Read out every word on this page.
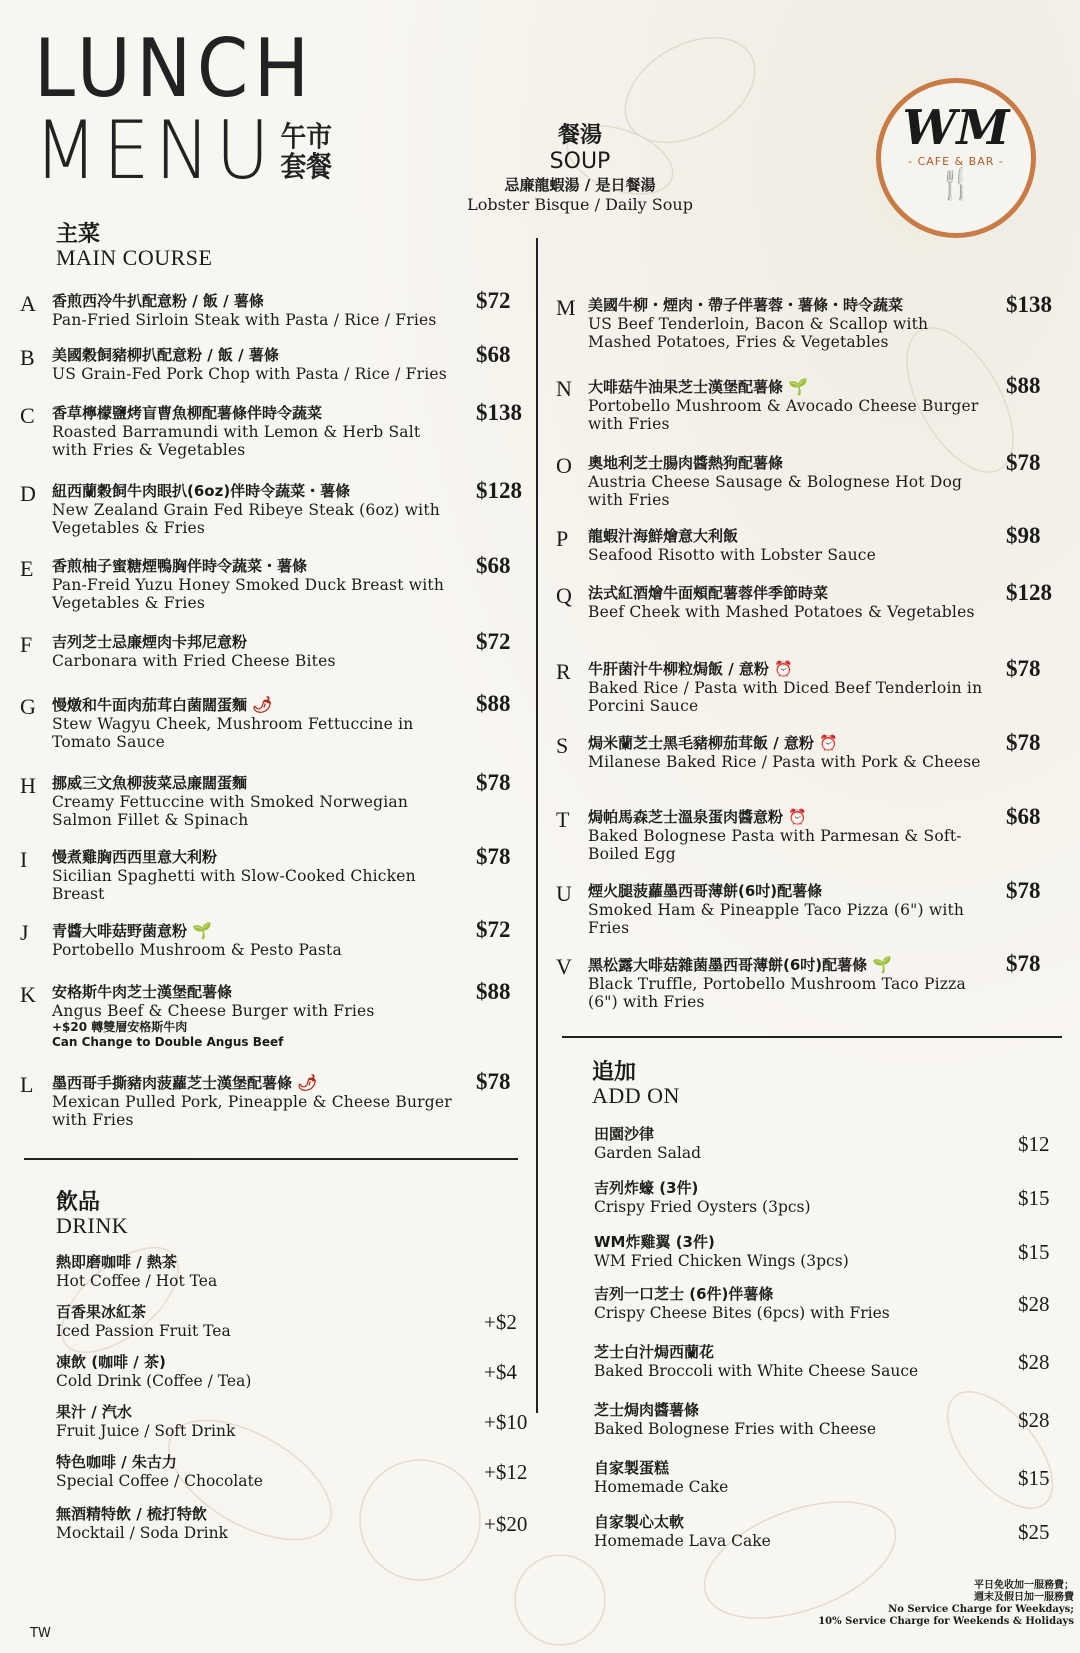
LUNCH
MENU 午市
套餐
餐湯
SOUP
忌廉龍蝦湯 / 是日餐湯
Lobster Bisque / Daily Soup
WM
- CAFE & BAR -
🍴
主菜
MAIN COURSE
A	香煎西冷牛扒配意粉 / 飯 / 薯條
Pan-Fried Sirloin Steak with Pasta / Rice / Fries
$72
B	美國穀飼豬柳扒配意粉 / 飯 / 薯條
US Grain-Fed Pork Chop with Pasta / Rice / Fries
$68
C	香草檸檬鹽烤盲曹魚柳配薯條伴時令蔬菜
Roasted Barramundi with Lemon & Herb Salt with Fries & Vegetables
$138
D	紐西蘭穀飼牛肉眼扒(6oz)伴時令蔬菜・薯條
New Zealand Grain Fed Ribeye Steak (6oz) with Vegetables & Fries
$128
E	香煎柚子蜜糖煙鴨胸伴時令蔬菜・薯條
Pan-Freid Yuzu Honey Smoked Duck Breast with Vegetables & Fries
$68
F	吉列芝士忌廉煙肉卡邦尼意粉
Carbonara with Fried Cheese Bites
$72
G	慢燉和牛面肉茄茸白菌闊蛋麵 🌶
Stew Wagyu Cheek, Mushroom Fettuccine in Tomato Sauce
$88
H	挪威三文魚柳菠菜忌廉闊蛋麵
Creamy Fettuccine with Smoked Norwegian Salmon Fillet & Spinach
$78
I	慢煮雞胸西西里意大利粉
Sicilian Spaghetti with Slow-Cooked Chicken Breast
$78
J	青醬大啡菇野菌意粉 🌱
Portobello Mushroom & Pesto Pasta
$72
K	安格斯牛肉芝士漢堡配薯條
Angus Beef & Cheese Burger with Fries
+$20 轉雙層安格斯牛肉
Can Change to Double Angus Beef
$88
L	墨西哥手撕豬肉菠蘿芝士漢堡配薯條 🌶
Mexican Pulled Pork, Pineapple & Cheese Burger with Fries
$78
M 美國牛柳・煙肉・帶子伴薯蓉・薯條・時令蔬菜
US Beef Tenderloin, Bacon & Scallop with Mashed Potatoes, Fries & Vegetables
$138
N	大啡菇牛油果芝士漢堡配薯條 🌱
Portobello Mushroom & Avocado Cheese Burger with Fries
$88
O	奧地利芝士腸肉醬熱狗配薯條
Austria Cheese Sausage & Bolognese Hot Dog with Fries
$78
P	龍蝦汁海鮮燴意大利飯
Seafood Risotto with Lobster Sauce
$98
Q	法式紅酒燴牛面頰配薯蓉伴季節時菜
Beef Cheek with Mashed Potatoes & Vegetables
$128
R	牛肝菌汁牛柳粒焗飯 / 意粉 ⏰
Baked Rice / Pasta with Diced Beef Tenderloin in Porcini Sauce
$78
S	焗米蘭芝士黑毛豬柳茄茸飯 / 意粉 ⏰
Milanese Baked Rice / Pasta with Pork & Cheese
$78
T	焗帕馬森芝士溫泉蛋肉醬意粉 ⏰
Baked Bolognese Pasta with Parmesan & Soft-Boiled Egg
$68
U	煙火腿菠蘿墨西哥薄餅(6吋)配薯條
Smoked Ham & Pineapple Taco Pizza (6") with Fries
$78
V	黑松露大啡菇雜菌墨西哥薄餅(6吋)配薯條 🌱
Black Truffle, Portobello Mushroom Taco Pizza (6") with Fries
$78
飲品
DRINK
熱即磨咖啡 / 熱茶
Hot Coffee / Hot Tea
百香果冰紅茶
Iced Passion Fruit Tea	+$2
凍飲 (咖啡 / 茶)
Cold Drink (Coffee / Tea)	+$4
果汁 / 汽水
Fruit Juice / Soft Drink	+$10
特色咖啡 / 朱古力
Special Coffee / Chocolate	+$12
無酒精特飲 / 梳打特飲
Mocktail / Soda Drink	+$20
追加
ADD ON
田園沙律
Garden Salad	$12
吉列炸蠔 (3件)
Crispy Fried Oysters (3pcs)	$15
WM炸雞翼 (3件)
WM Fried Chicken Wings (3pcs)	$15
吉列一口芝士 (6件)伴薯條
Crispy Cheese Bites (6pcs) with Fries	$28
芝士白汁焗西蘭花
Baked Broccoli with White Cheese Sauce	$28
芝士焗肉醬薯條
Baked Bolognese Fries with Cheese	$28
自家製蛋糕
Homemade Cake	$15
自家製心太軟
Homemade Lava Cake	$25
平日免收加一服務費；
週末及假日加一服務費
No Service Charge for Weekdays;
10% Service Charge for Weekends & Holidays
TW
